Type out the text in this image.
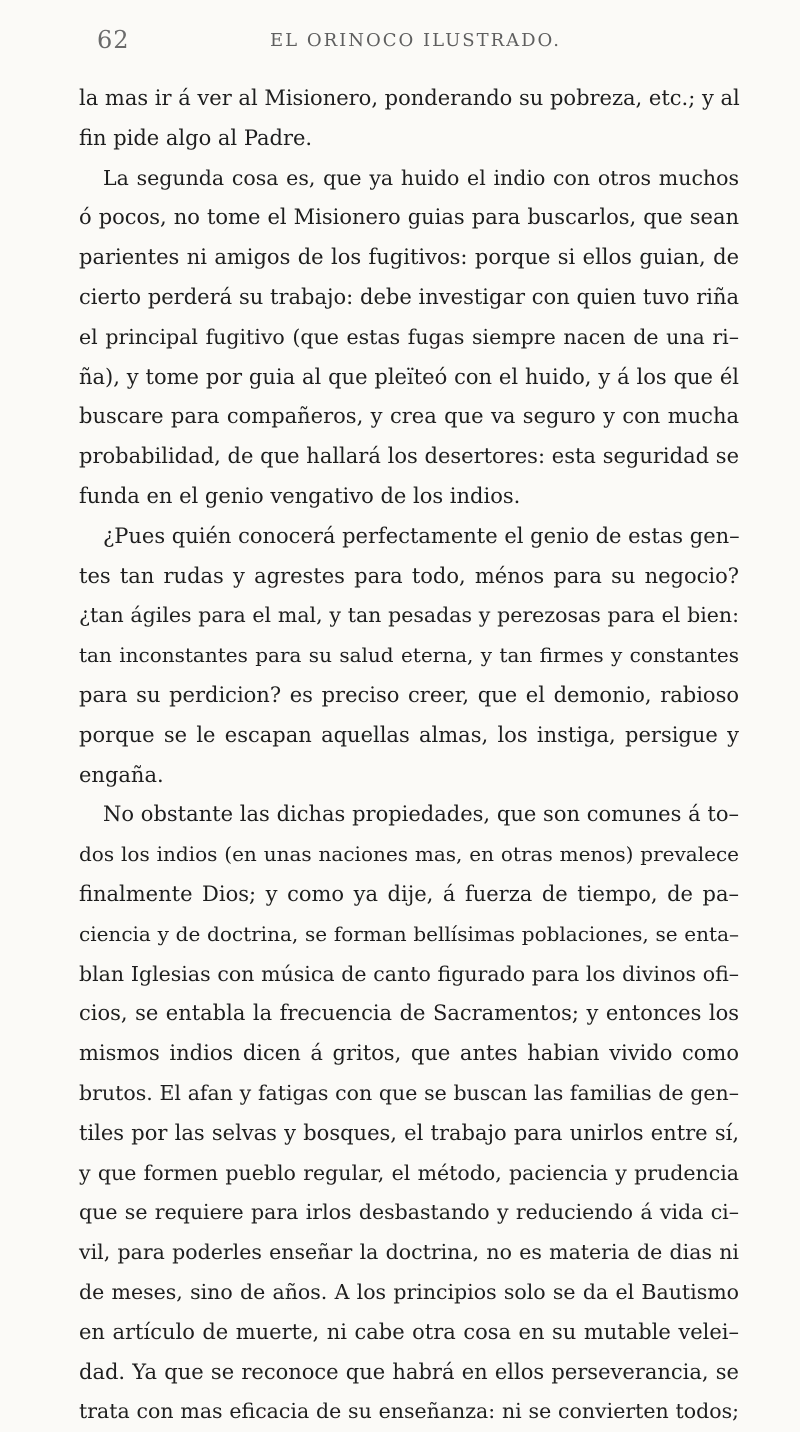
62	EL ORINOCO ILUSTRADO.
la mas ir á ver al Misionero, ponderando su pobreza, etc.; y al
fin pide algo al Padre.
La segunda cosa es, que ya huido el indio con otros muchos
ó pocos, no tome el Misionero guias para buscarlos, que sean
parientes ni amigos de los fugitivos: porque si ellos guian, de
cierto perderá su trabajo: debe investigar con quien tuvo riña
el principal fugitivo (que estas fugas siempre nacen de una ri–
ña), y tome por guia al que pleïteó con el huido, y á los que él
buscare para compañeros, y crea que va seguro y con mucha
probabilidad, de que hallará los desertores: esta seguridad se
funda en el genio vengativo de los indios.
¿Pues quién conocerá perfectamente el genio de estas gen–
tes tan rudas y agrestes para todo, ménos para su negocio?
¿tan ágiles para el mal, y tan pesadas y perezosas para el bien:
tan inconstantes para su salud eterna, y tan firmes y constantes
para su perdicion? es preciso creer, que el demonio, rabioso
porque se le escapan aquellas almas, los instiga, persigue y
engaña.
No obstante las dichas propiedades, que son comunes á to–
dos los indios (en unas naciones mas, en otras menos) prevalece
finalmente Dios; y como ya dije, á fuerza de tiempo, de pa–
ciencia y de doctrina, se forman bellísimas poblaciones, se enta–
blan Iglesias con música de canto figurado para los divinos ofi–
cios, se entabla la frecuencia de Sacramentos; y entonces los
mismos indios dicen á gritos, que antes habian vivido como
brutos. El afan y fatigas con que se buscan las familias de gen–
tiles por las selvas y bosques, el trabajo para unirlos entre sí,
y que formen pueblo regular, el método, paciencia y prudencia
que se requiere para irlos desbastando y reduciendo á vida ci–
vil, para poderles enseñar la doctrina, no es materia de dias ni
de meses, sino de años. A los principios solo se da el Bautismo
en artículo de muerte, ni cabe otra cosa en su mutable velei–
dad. Ya que se reconoce que habrá en ellos perseverancia, se
trata con mas eficacia de su enseñanza: ni se convierten todos;
